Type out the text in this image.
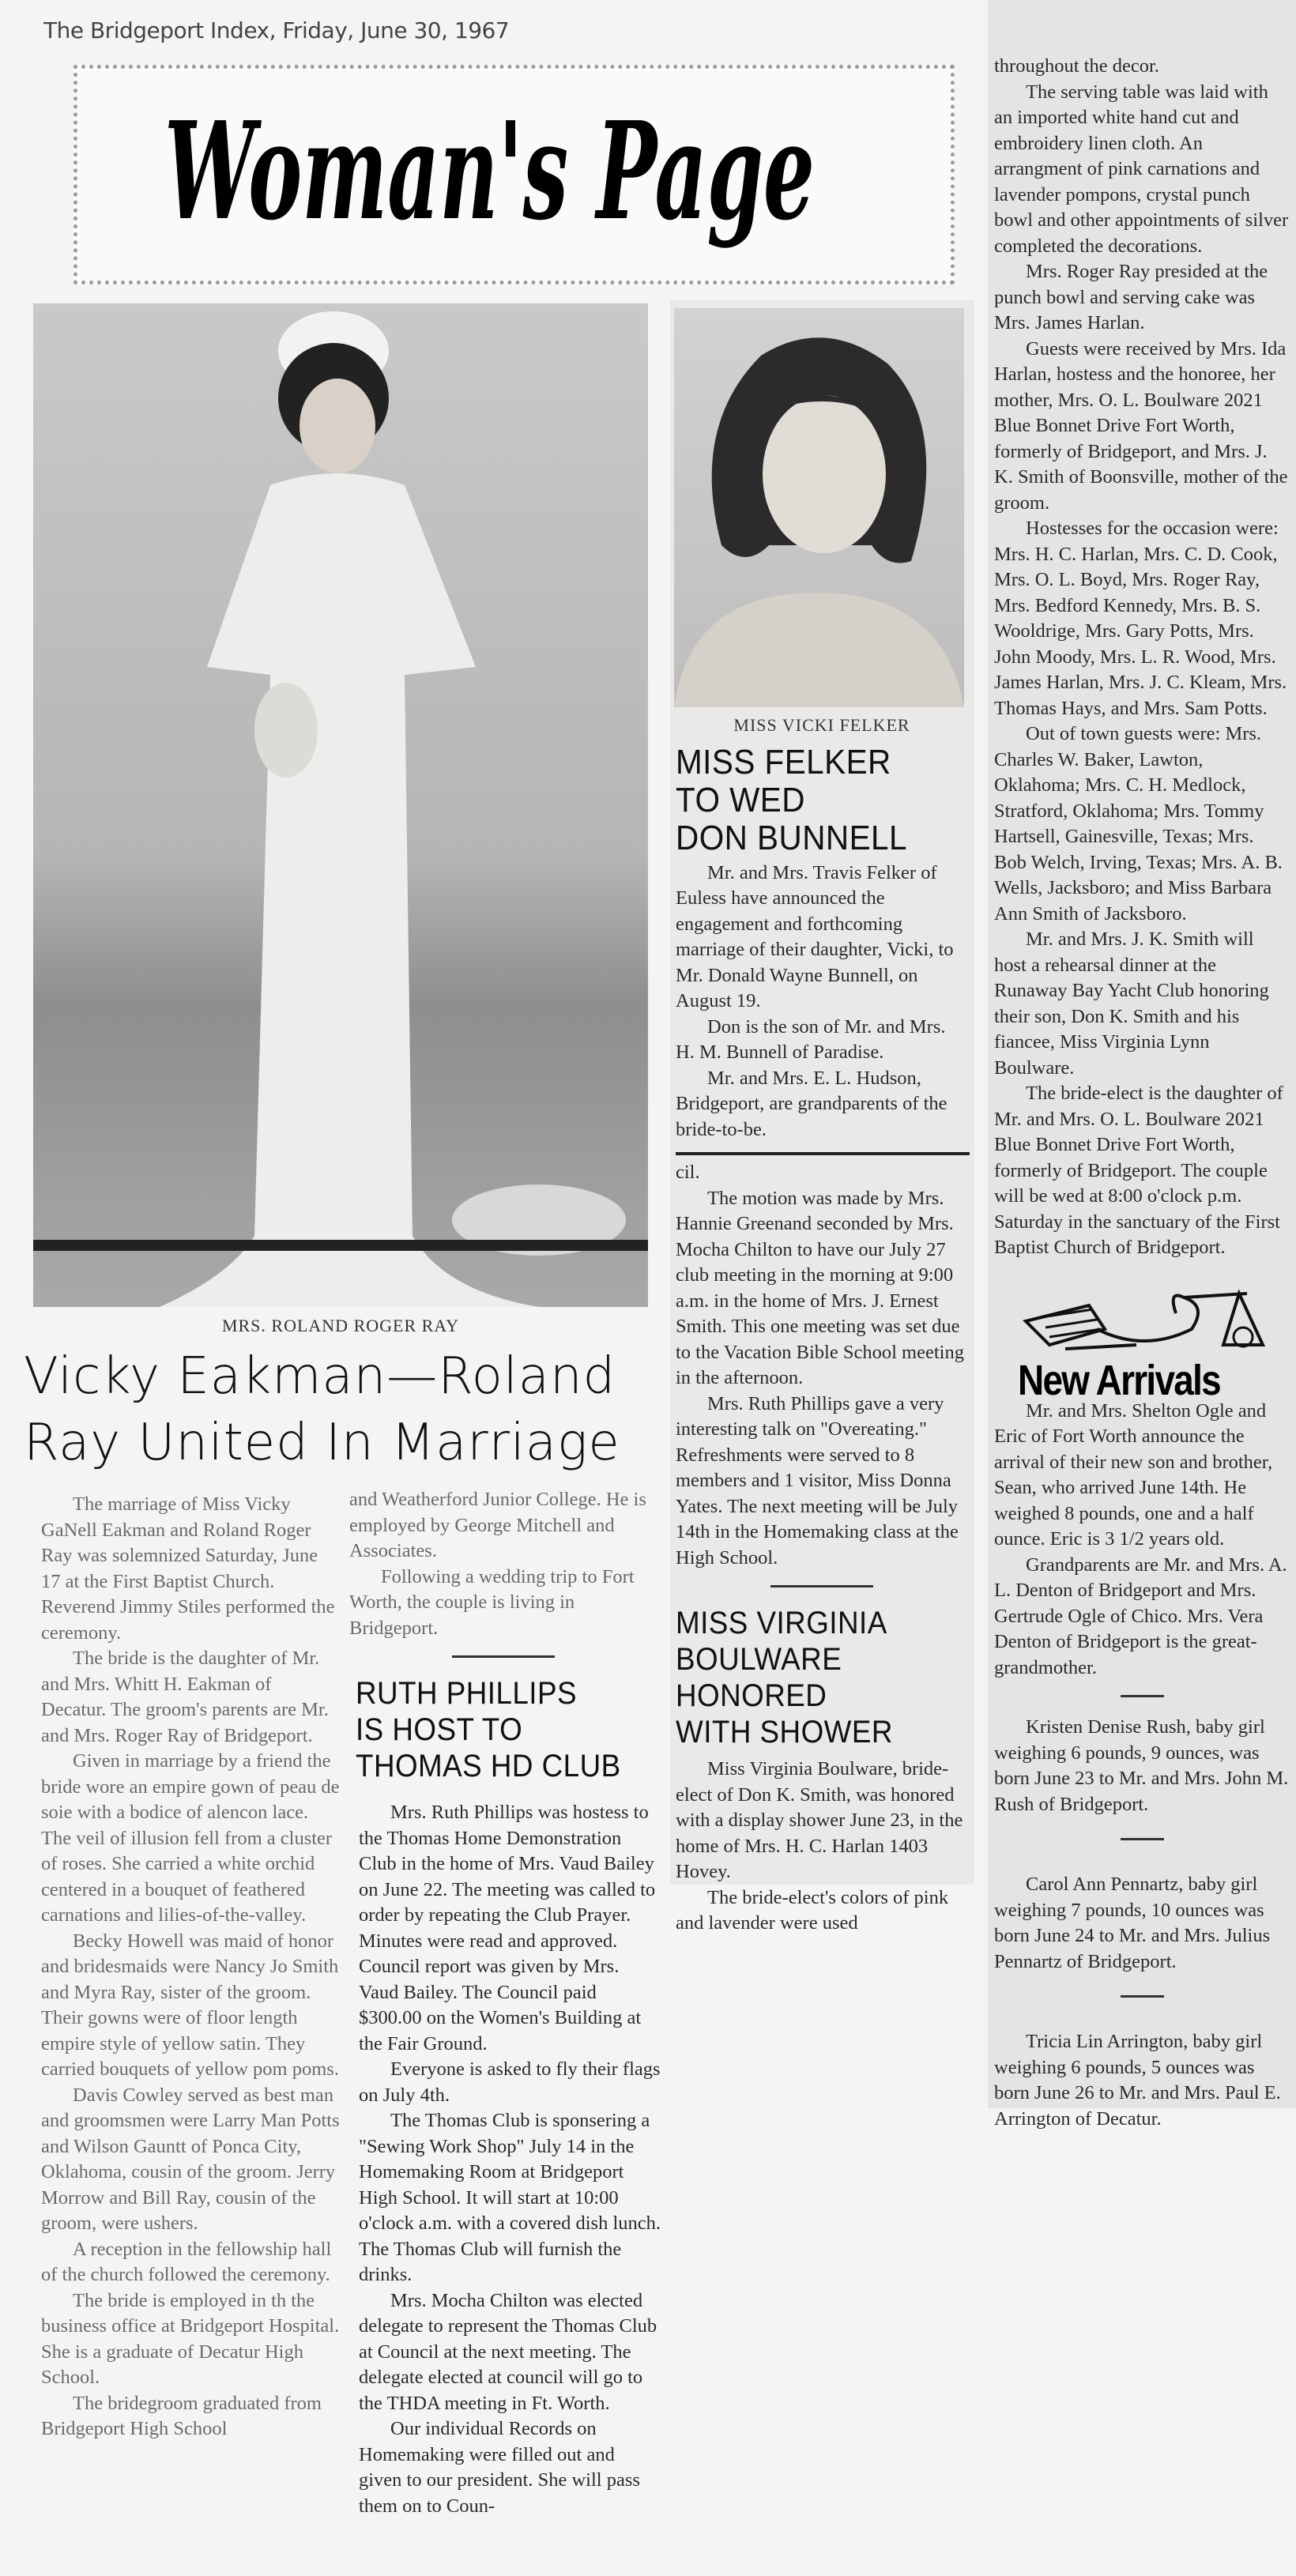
The Bridgeport Index, Friday, June 30, 1967
Woman's Page
MRS. ROLAND ROGER RAY
Vicky Eakman—Roland
Ray United In Marriage

The marriage of Miss Vicky GaNell Eakman and Roland Roger Ray was solemnized Saturday, June 17 at the First Baptist Church. Reverend Jimmy Stiles performed the ceremony.

The bride is the daughter of Mr. and Mrs. Whitt H. Eakman of Decatur. The groom's parents are Mr. and Mrs. Roger Ray of Bridgeport.

Given in marriage by a friend the bride wore an empire gown of peau de soie with a bodice of alencon lace. The veil of illusion fell from a cluster of roses. She carried a white orchid centered in a bouquet of feathered carnations and lilies-of-the-valley.

Becky Howell was maid of honor and bridesmaids were Nancy Jo Smith and Myra Ray, sister of the groom. Their gowns were of floor length empire style of yellow satin. They carried bouquets of yellow pom poms.

Davis Cowley served as best man and groomsmen were Larry Man Potts and Wilson Gauntt of Ponca City, Oklahoma, cousin of the groom. Jerry Morrow and Bill Ray, cousin of the groom, were ushers.

A reception in the fellowship hall of the church followed the ceremony.

The bride is employed in th the business office at Bridgeport Hospital. She is a graduate of Decatur High School.

The bridegroom graduated from Bridgeport High School

and Weatherford Junior College. He is employed by George Mitchell and Associates.

Following a wedding trip to Fort Worth, the couple is living in Bridgeport.

RUTH PHILLIPS
IS HOST TO
THOMAS HD CLUB

Mrs. Ruth Phillips was hostess to the Thomas Home Demonstration Club in the home of Mrs. Vaud Bailey on June 22. The meeting was called to order by repeating the Club Prayer. Minutes were read and approved. Council report was given by Mrs. Vaud Bailey. The Council paid $300.00 on the Women's Building at the Fair Ground.

Everyone is asked to fly their flags on July 4th.

The Thomas Club is sponsering a "Sewing Work Shop" July 14 in the Homemaking Room at Bridgeport High School. It will start at 10:00 o'clock a.m. with a covered dish lunch. The Thomas Club will furnish the drinks.

Mrs. Mocha Chilton was elected delegate to represent the Thomas Club at Council at the next meeting. The delegate elected at council will go to the THDA meeting in Ft. Worth.

Our individual Records on Homemaking were filled out and given to our president. She will pass them on to Coun-

MISS VICKI FELKER
MISS FELKER
TO WED
DON BUNNELL

Mr. and Mrs. Travis Felker of Euless have announced the engagement and forthcoming marriage of their daughter, Vicki, to Mr. Donald Wayne Bunnell, on August 19.

Don is the son of Mr. and Mrs. H. M. Bunnell of Paradise.

Mr. and Mrs. E. L. Hudson, Bridgeport, are grandparents of the bride-to-be.

cil.

The motion was made by Mrs. Hannie Greenand seconded by Mrs. Mocha Chilton to have our July 27 club meeting in the morning at 9:00 a.m. in the home of Mrs. J. Ernest Smith. This one meeting was set due to the Vacation Bible School meeting in the afternoon.

Mrs. Ruth Phillips gave a very interesting talk on "Overeating." Refreshments were served to 8 members and 1 visitor, Miss Donna Yates. The next meeting will be July 14th in the Homemaking class at the High School.

MISS VIRGINIA
BOULWARE HONORED
WITH SHOWER

Miss Virginia Boulware, bride-elect of Don K. Smith, was honored with a display shower June 23, in the home of Mrs. H. C. Harlan 1403 Hovey.

The bride-elect's colors of pink and lavender were used

throughout the decor.

The serving table was laid with an imported white hand cut and embroidery linen cloth. An arrangment of pink carnations and lavender pompons, crystal punch bowl and other appointments of silver completed the decorations.

Mrs. Roger Ray presided at the punch bowl and serving cake was Mrs. James Harlan.

Guests were received by Mrs. Ida Harlan, hostess and the honoree, her mother, Mrs. O. L. Boulware 2021 Blue Bonnet Drive Fort Worth, formerly of Bridgeport, and Mrs. J. K. Smith of Boonsville, mother of the groom.

Hostesses for the occasion were: Mrs. H. C. Harlan, Mrs. C. D. Cook, Mrs. O. L. Boyd, Mrs. Roger Ray, Mrs. Bedford Kennedy, Mrs. B. S. Wooldrige, Mrs. Gary Potts, Mrs. John Moody, Mrs. L. R. Wood, Mrs. James Harlan, Mrs. J. C. Kleam, Mrs. Thomas Hays, and Mrs. Sam Potts.

Out of town guests were: Mrs. Charles W. Baker, Lawton, Oklahoma; Mrs. C. H. Medlock, Stratford, Oklahoma; Mrs. Tommy Hartsell, Gainesville, Texas; Mrs. Bob Welch, Irving, Texas; Mrs. A. B. Wells, Jacksboro; and Miss Barbara Ann Smith of Jacksboro.

Mr. and Mrs. J. K. Smith will host a rehearsal dinner at the Runaway Bay Yacht Club honoring their son, Don K. Smith and his fiancee, Miss Virginia Lynn Boulware.

The bride-elect is the daughter of Mr. and Mrs. O. L. Boulware 2021 Blue Bonnet Drive Fort Worth, formerly of Bridgeport. The couple will be wed at 8:00 o'clock p.m. Saturday in the sanctuary of the First Baptist Church of Bridgeport.

New Arrivals

Mr. and Mrs. Shelton Ogle and Eric of Fort Worth announce the arrival of their new son and brother, Sean, who arrived June 14th. He weighed 8 pounds, one and a half ounce. Eric is 3 1/2 years old.

Grandparents are Mr. and Mrs. A. L. Denton of Bridgeport and Mrs. Gertrude Ogle of Chico. Mrs. Vera Denton of Bridgeport is the great-grandmother.

Kristen Denise Rush, baby girl weighing 6 pounds, 9 ounces, was born June 23 to Mr. and Mrs. John M. Rush of Bridgeport.

Carol Ann Pennartz, baby girl weighing 7 pounds, 10 ounces was born June 24 to Mr. and Mrs. Julius Pennartz of Bridgeport.

Tricia Lin Arrington, baby girl weighing 6 pounds, 5 ounces was born June 26 to Mr. and Mrs. Paul E. Arrington of Decatur.
